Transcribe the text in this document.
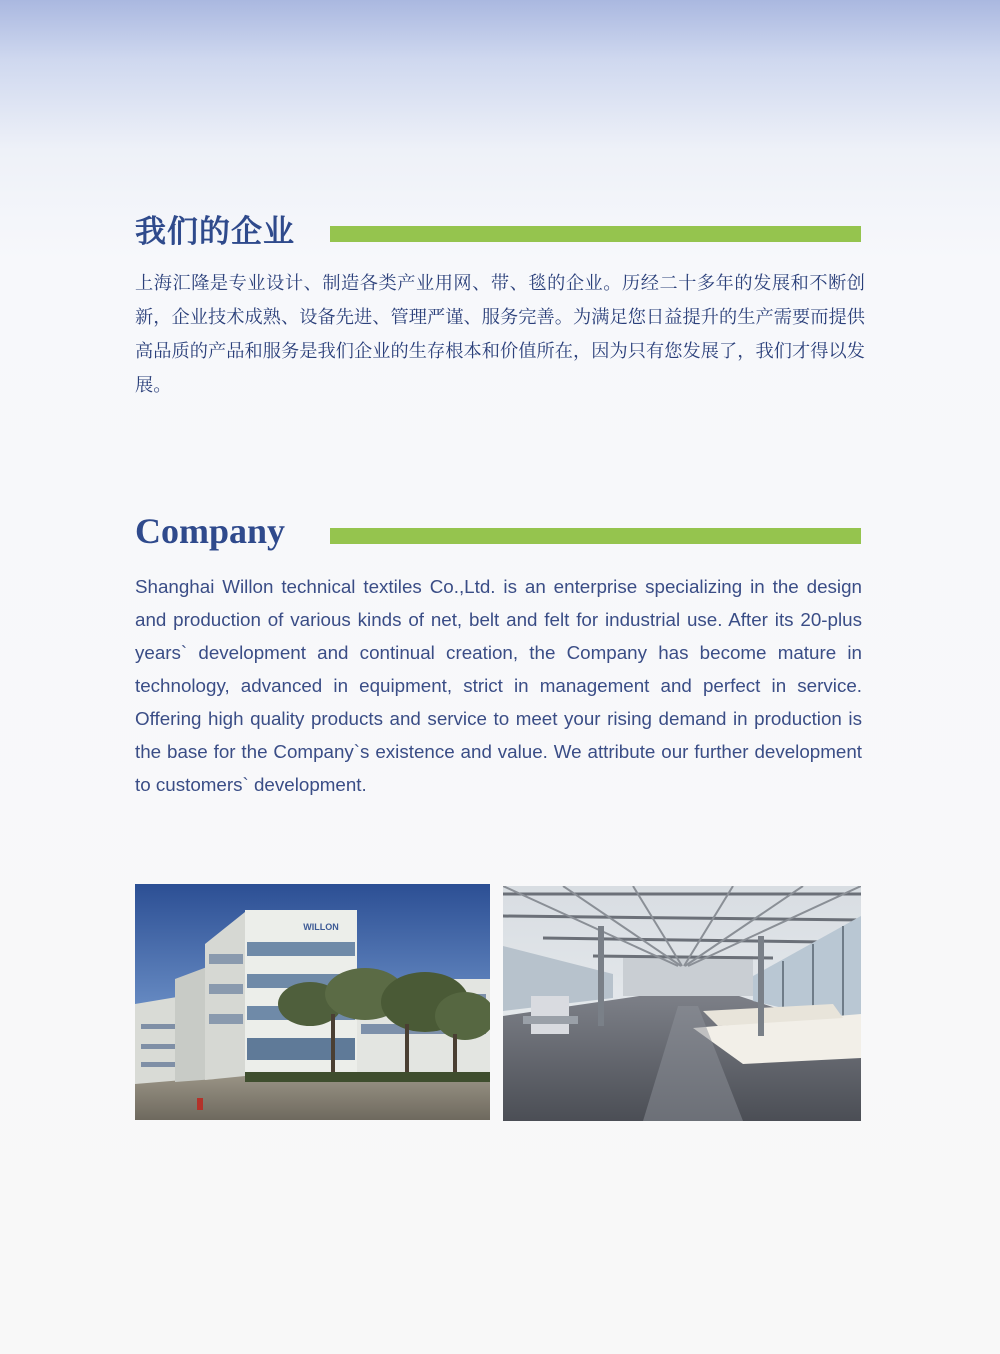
我们的企业

上海汇隆是专业设计、制造各类产业用网、带、毯的企业。历经二十多年的发展和不断创新，企业技术成熟、设备先进、管理严谨、服务完善。为满足您日益提升的生产需要而提供高品质的产品和服务是我们企业的生存根本和价值所在，因为只有您发展了，我们才得以发展。

Company

Shanghai Willon technical textiles Co.,Ltd. is an enterprise specializing in the design and production of various kinds of net, belt and felt for industrial use. After its 20-plus years` development and continual creation, the Company has become mature in technology, advanced in equipment, strict in management and perfect in service. Offering high quality products and service to meet your rising demand in production is the base for the Company`s existence and value. We attribute our further development to customers` development.

WILLON
